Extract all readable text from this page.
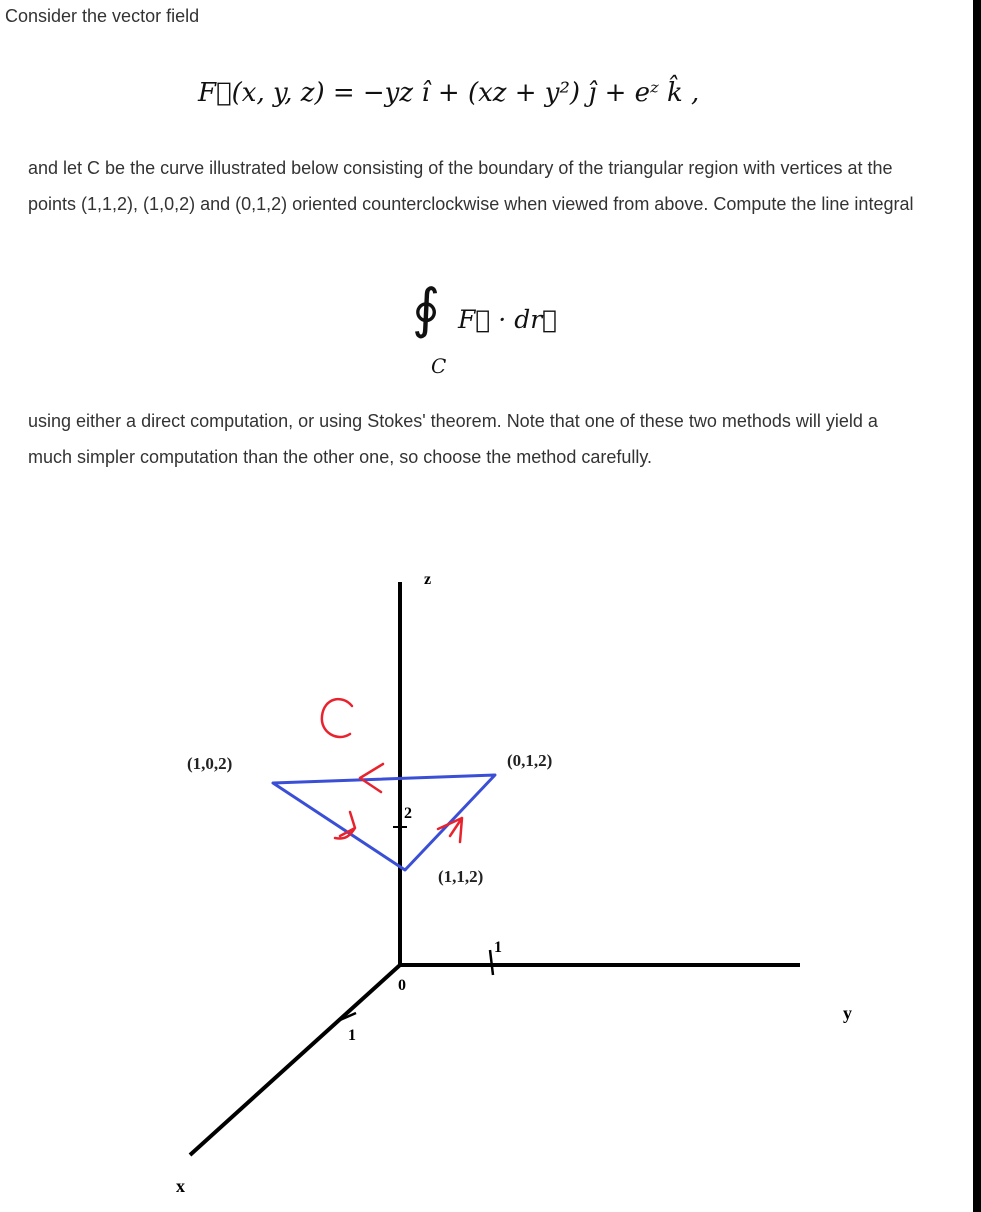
Consider the vector field

F⃗(x, y, z) = −yz î + (xz + y²) ĵ + eᶻ k̂ ,

and let C be the curve illustrated below consisting of the boundary of the triangular region with vertices at the points (1,1,2), (1,0,2) and (0,1,2) oriented counterclockwise when viewed from above. Compute the line integral

∮
C
F⃗ · dr⃗

using either a direct computation, or using Stokes' theorem. Note that one of these two methods will yield a much simpler computation than the other one, so choose the method carefully.

z
y
x
0
2
1
1
(1,0,2)	(0,1,2)
(1,1,2)
C
